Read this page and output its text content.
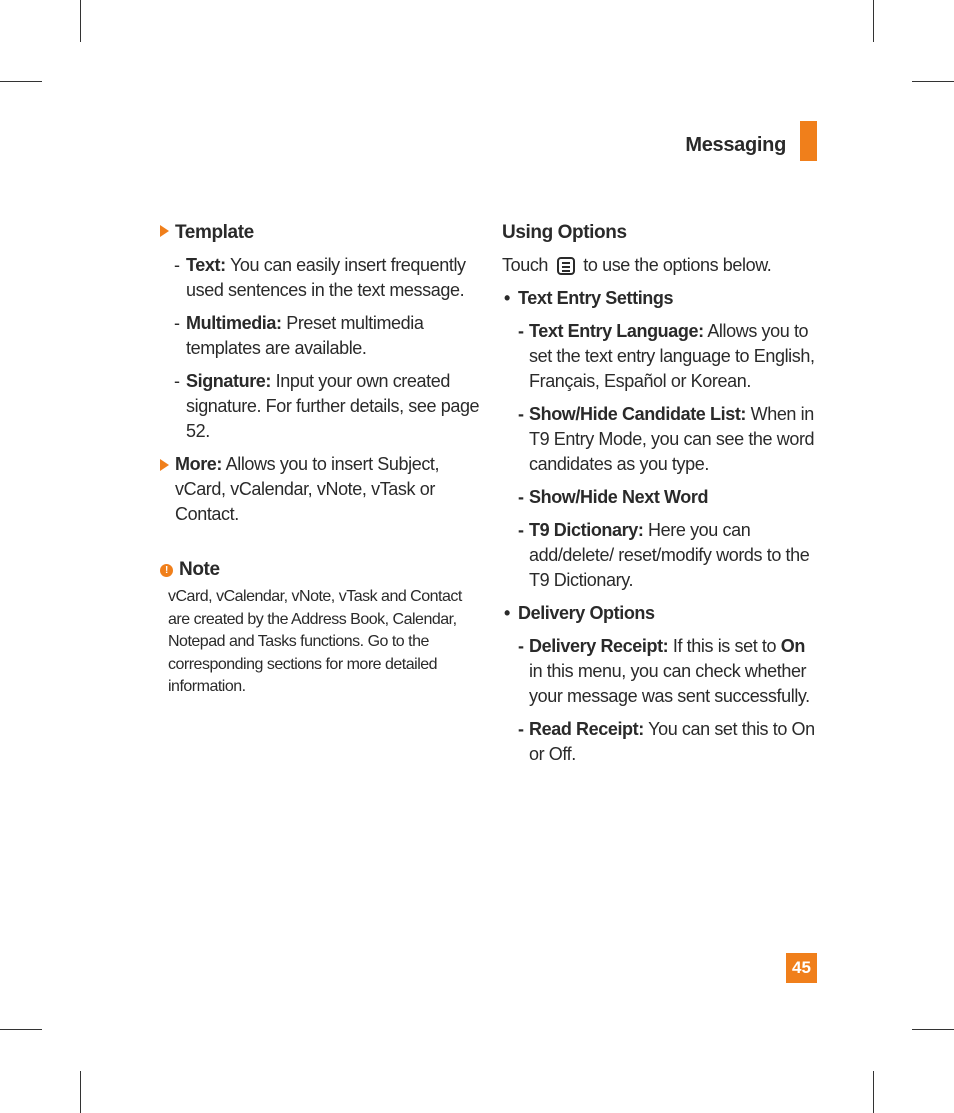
Messaging
Template
- Text: You can easily insert frequently used sentences in the text message.
- Multimedia: Preset multimedia templates are available.
- Signature: Input your own created signature. For further details, see page 52.
More: Allows you to insert Subject, vCard, vCalendar, vNote, vTask or Contact.
! Note
vCard, vCalendar, vNote, vTask and Contact are created by the Address Book, Calendar, Notepad and Tasks functions. Go to the corresponding sections for more detailed information.
Using Options
Touch to use the options below.
• Text Entry Settings
- Text Entry Language: Allows you to set the text entry language to English, Français, Español or Korean.
- Show/Hide Candidate List: When in T9 Entry Mode, you can see the word candidates as you type.
- Show/Hide Next Word
- T9 Dictionary: Here you can add/delete/ reset/modify words to the T9 Dictionary.
• Delivery Options
- Delivery Receipt: If this is set to On in this menu, you can check whether your message was sent successfully.
- Read Receipt: You can set this to On or Off.
45
